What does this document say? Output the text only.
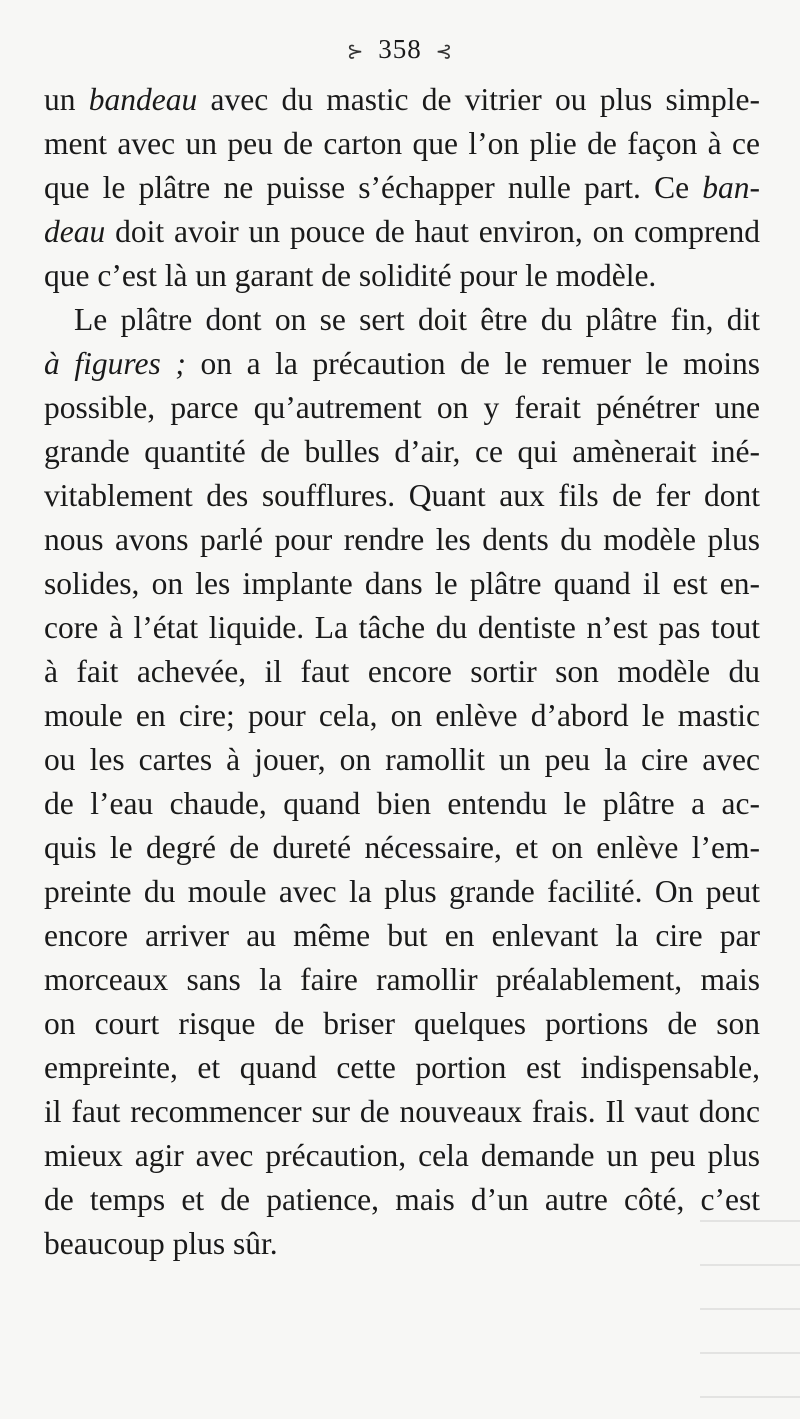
⊱ 358 ⊰
un bandeau avec du mastic de vitrier ou plus simple-
ment avec un peu de carton que l’on plie de façon à ce
que le plâtre ne puisse s’échapper nulle part. Ce ban-
deau doit avoir un pouce de haut environ, on comprend
que c’est là un garant de solidité pour le modèle.
Le plâtre dont on se sert doit être du plâtre fin, dit
à figures ; on a la précaution de le remuer le moins
possible, parce qu’autrement on y ferait pénétrer une
grande quantité de bulles d’air, ce qui amènerait iné-
vitablement des soufflures. Quant aux fils de fer dont
nous avons parlé pour rendre les dents du modèle plus
solides, on les implante dans le plâtre quand il est en-
core à l’état liquide. La tâche du dentiste n’est pas tout
à fait achevée, il faut encore sortir son modèle du
moule en cire; pour cela, on enlève d’abord le mastic
ou les cartes à jouer, on ramollit un peu la cire avec
de l’eau chaude, quand bien entendu le plâtre a ac-
quis le degré de dureté nécessaire, et on enlève l’em-
preinte du moule avec la plus grande facilité. On peut
encore arriver au même but en enlevant la cire par
morceaux sans la faire ramollir préalablement, mais
on court risque de briser quelques portions de son
empreinte, et quand cette portion est indispensable,
il faut recommencer sur de nouveaux frais. Il vaut donc
mieux agir avec précaution, cela demande un peu plus
de temps et de patience, mais d’un autre côté, c’est
beaucoup plus sûr.
